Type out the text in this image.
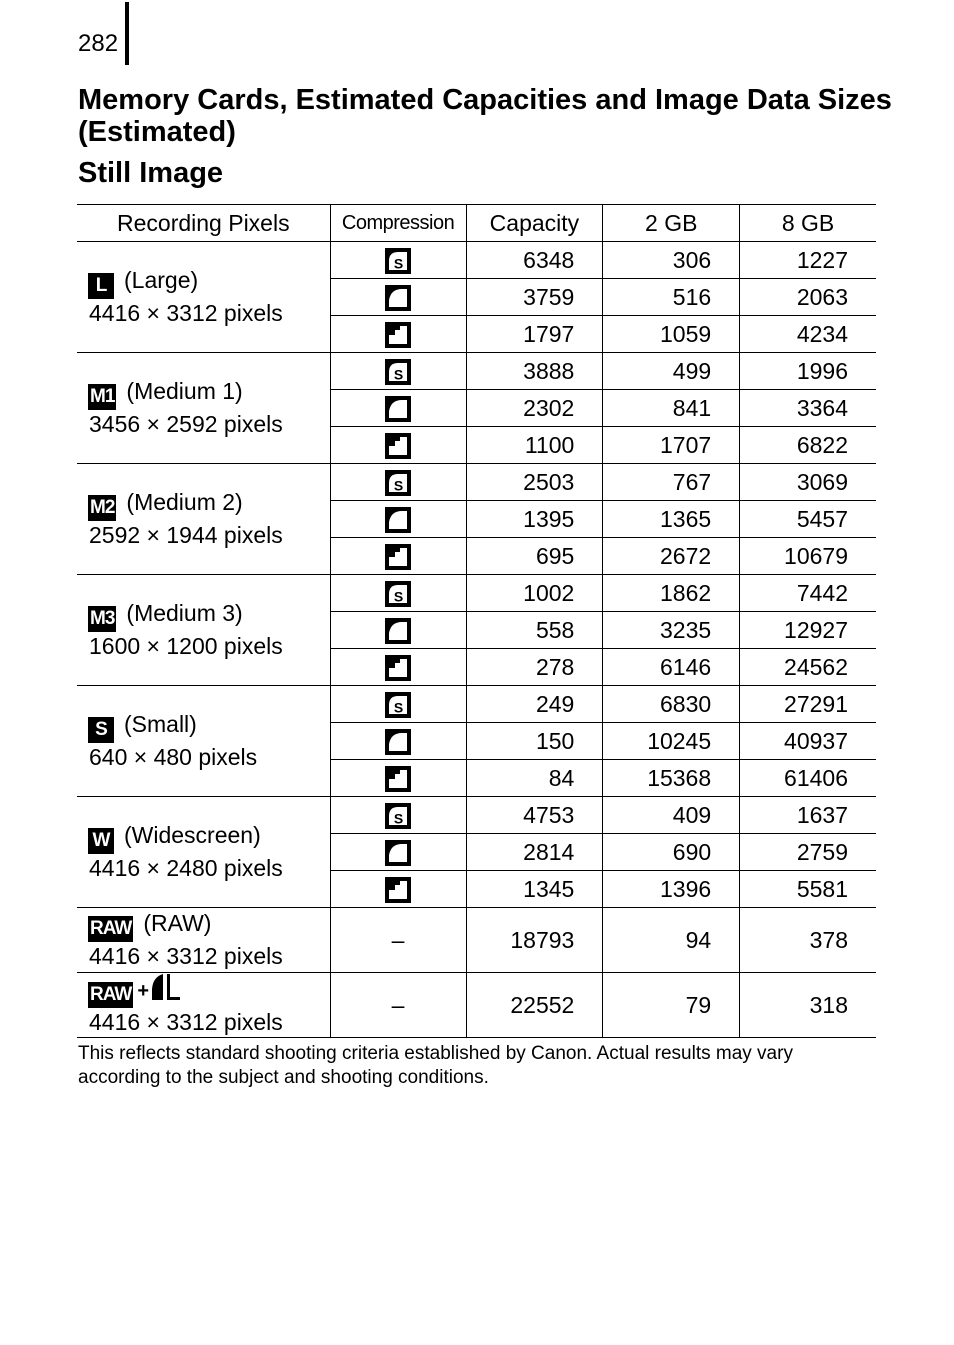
282
Memory Cards, Estimated Capacities and Image Data Sizes (Estimated)
Still Image
Recording Pixels	Compression	Capacity	2 GB	8 GB
L (Large)
4416 × 3312 pixels	S	6348	306	1227
	3759	516	2063
	1797	1059	4234
M1 (Medium 1)
3456 × 2592 pixels	S	3888	499	1996
	2302	841	3364
	1100	1707	6822
M2 (Medium 2)
2592 × 1944 pixels	S	2503	767	3069
	1395	1365	5457
	695	2672	10679
M3 (Medium 3)
1600 × 1200 pixels	S	1002	1862	7442
	558	3235	12927
	278	6146	24562
S (Small)
640 × 480 pixels	S	249	6830	27291
	150	10245	40937
	84	15368	61406
W (Widescreen)
4416 × 2480 pixels	S	4753	409	1637
	2814	690	2759
	1345	1396	5581
RAW (RAW)
4416 × 3312 pixels	–	18793	94	378
RAW +
4416 × 3312 pixels	–	22552	79	318

This reflects standard shooting criteria established by Canon. Actual results may vary according to the subject and shooting conditions.
